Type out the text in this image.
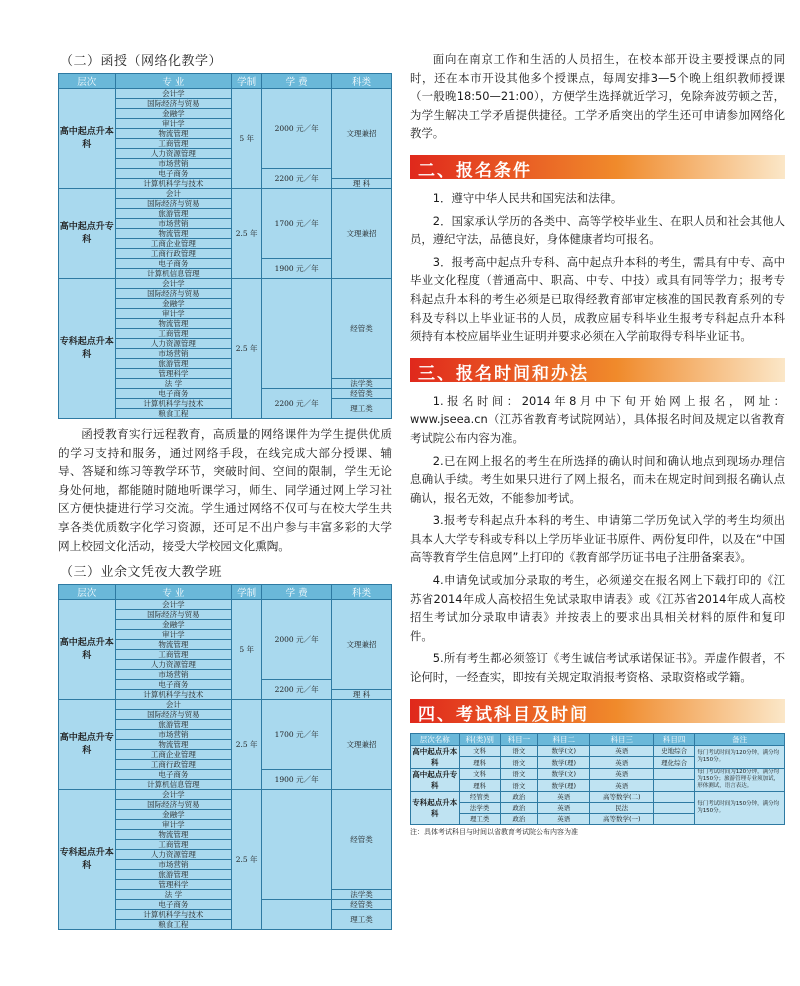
（二）函授（网络化教学）
层次	专 业	学制	学 费	科类
高中起点升本科	会计学	5 年	2000 元／年	文理兼招
	国际经济与贸易			
	金融学			
	审计学			
	物流管理			
	工商管理			
	人力资源管理			
	市场营销			
	电子商务		2200 元／年	
	计算机科学与技术			理 科
高中起点升专科	会计	2.5 年	1700 元／年	文理兼招
	国际经济与贸易			
	旅游管理			
	市场营销			
	物流管理			
	工商企业管理			
	工商行政管理			
	电子商务		1900 元／年	
	计算机信息管理			
专科起点升本科	会计学	2.5 年		经管类
	国际经济与贸易			
	金融学			
	审计学			
	物流管理			
	工商管理			
	人力资源管理			
	市场营销			
	旅游管理			
	管理科学			
	法 学			法学类
	电子商务		2200 元／年	经管类
	计算机科学与技术			理工类
	粮食工程			

函授教育实行远程教育，高质量的网络课件为学生提供优质的学习支持和服务，通过网络手段，在线完成大部分授课、辅导、答疑和练习等教学环节，突破时间、空间的限制，学生无论身处何地，都能随时随地听课学习，师生、同学通过网上学习社区方便快捷进行学习交流。学生通过网络不仅可与在校大学生共享各类优质数字化学习资源，还可足不出户参与丰富多彩的大学网上校园文化活动，接受大学校园文化熏陶。

（三）业余文凭夜大教学班
层次	专 业	学制	学 费	科类
高中起点升本科	会计学	5 年	2000 元／年	文理兼招
	国际经济与贸易			
	金融学			
	审计学			
	物流管理			
	工商管理			
	人力资源管理			
	市场营销			
	电子商务		2200 元／年	
	计算机科学与技术			理 科
高中起点升专科	会计	2.5 年	1700 元／年	文理兼招
	国际经济与贸易			
	旅游管理			
	市场营销			
	物流管理			
	工商企业管理			
	工商行政管理			
	电子商务		1900 元／年	
	计算机信息管理			
专科起点升本科	会计学	2.5 年		经管类
	国际经济与贸易			
	金融学			
	审计学			
	物流管理			
	工商管理			
	人力资源管理			
	市场营销			
	旅游管理			
	管理科学			
	法 学			法学类
	电子商务			经管类
	计算机科学与技术			理工类
	粮食工程			

面向在南京工作和生活的人员招生，在校本部开设主要授课点的同时，还在本市开设其他多个授课点，每周安排3—5个晚上组织教师授课（一般晚18:50—21:00），方便学生选择就近学习，免除奔波劳顿之苦，为学生解决工学矛盾提供捷径。工学矛盾突出的学生还可申请参加网络化教学。

二、报名条件

1．遵守中华人民共和国宪法和法律。

2．国家承认学历的各类中、高等学校毕业生、在职人员和社会其他人员，遵纪守法，品德良好，身体健康者均可报名。

3．报考高中起点升专科、高中起点升本科的考生，需具有中专、高中毕业文化程度（普通高中、职高、中专、中技）或具有同等学力；报考专科起点升本科的考生必须是已取得经教育部审定核准的国民教育系列的专科及专科以上毕业证书的人员，成教应届专科毕业生报考专科起点升本科须持有本校应届毕业生证明并要求必须在入学前取得专科毕业证书。

三、报名时间和办法

1.报名时间：2014年8月中下旬开始网上报名，网址：www.jseea.cn（江苏省教育考试院网站），具体报名时间及规定以省教育考试院公布内容为准。

2.已在网上报名的考生在所选择的确认时间和确认地点到现场办理信息确认手续。考生如果只进行了网上报名，而未在规定时间到报名确认点确认，报名无效，不能参加考试。

3.报考专科起点升本科的考生、申请第二学历免试入学的考生均须出具本人大学专科或专科以上学历毕业证书原件、两份复印件，以及在“中国高等教育学生信息网”上打印的《教育部学历证书电子注册备案表》。

4.申请免试或加分录取的考生，必须递交在报名网上下载打印的《江苏省2014年成人高校招生免试录取申请表》或《江苏省2014年成人高校招生考试加分录取申请表》并按表上的要求出具相关材料的原件和复印件。

5.所有考生都必须签订《考生诚信考试承诺保证书》。弄虚作假者，不论何时，一经查实，即按有关规定取消报考资格、录取资格或学籍。

四、考试科目及时间
层次名称	科(类)别	科目一	科目二	科目三	科目四	备注
高中起点升本科	文科	语文	数学(文)	英语	史地综合	每门考试时间为120分钟，满分均为150分。
	理科	语文	数学(理)	英语	理化综合	
高中起点升专科	文科	语文	数学(文)	英语		每门考试时间为120分钟，满分均为150分；旅游管理专业须加试，形体测试，语言表达。
	理科	语文	数学(理)	英语		
专科起点升本科	经管类	政治	英语	高等数学(二)		每门考试时间为150分钟，满分均为150分。
	法学类	政治	英语	民法		
	理工类	政治	英语	高等数学(一)		
注：具体考试科目与时间以省教育考试院公布内容为准
